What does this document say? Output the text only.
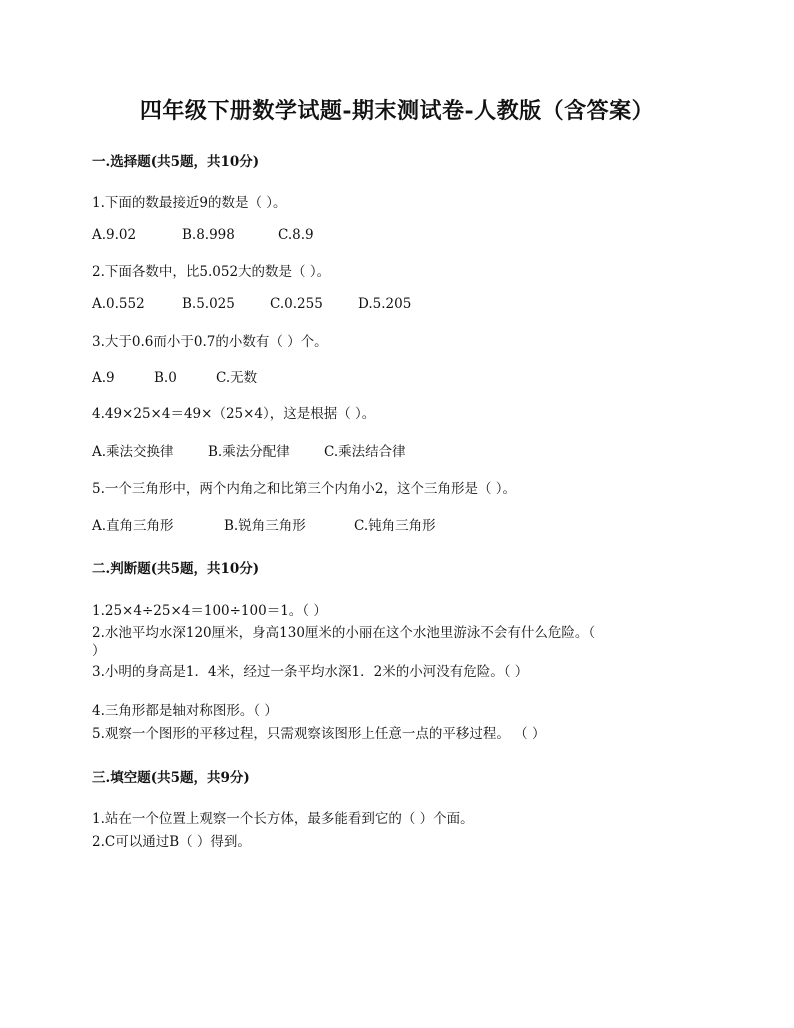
四年级下册数学试题-期末测试卷-人教版（含答案）
一.选择题(共5题，共10分)
1.下面的数最接近9的数是（ ）。
A.9.02	B.8.998	C.8.9
2.下面各数中，比5.052大的数是（ ）。
A.0.552	B.5.025	C.0.255	D.5.205
3.大于0.6而小于0.7的小数有（ ）个。
A.9	B.0	C.无数
4.49×25×4＝49×（25×4），这是根据（ ）。
A.乘法交换律	B.乘法分配律	C.乘法结合律
5.一个三角形中，两个内角之和比第三个内角小2，这个三角形是（ ）。
A.直角三角形	B.锐角三角形	C.钝角三角形
二.判断题(共5题，共10分)
1.25×4÷25×4＝100÷100＝1。（ ）
2.水池平均水深120厘米，身高130厘米的小丽在这个水池里游泳不会有什么危险。（
）
3.小明的身高是1．4米，经过一条平均水深1．2米的小河没有危险。（ ）
4.三角形都是轴对称图形。（ ）
5.观察一个图形的平移过程，只需观察该图形上任意一点的平移过程。 （ ）
三.填空题(共5题，共9分)
1.站在一个位置上观察一个长方体，最多能看到它的（ ）个面。
2.C可以通过B（ ）得到。
